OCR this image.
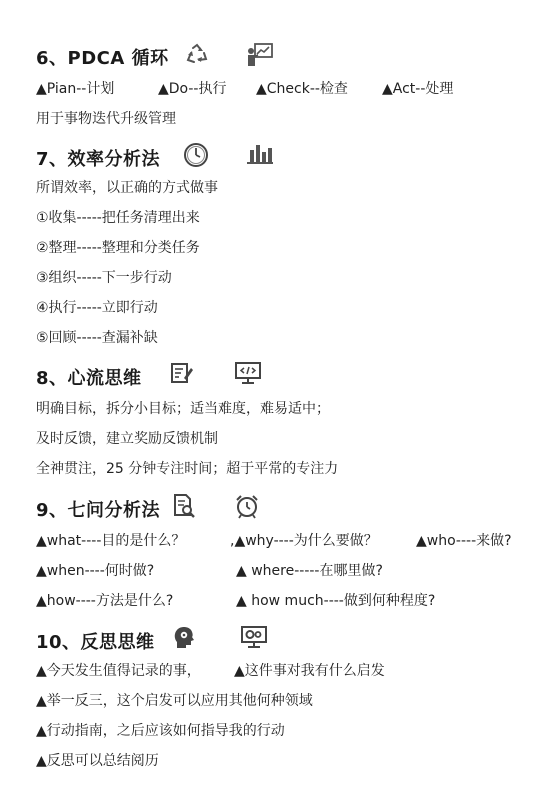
6、PDCA 循环
▲Pian--计划	▲Do--执行 ▲Check--检查 ▲Act--处理
用于事物迭代升级管理
7、效率分析法
所谓效率，以正确的方式做事
①收集-----把任务清理出来
②整理-----整理和分类任务
③组织-----下一步行动
④执行-----立即行动
⑤回顾-----查漏补缺
8、心流思维
明确目标，拆分小目标；适当难度，难易适中；
及时反馈，建立奖励反馈机制
全神贯注，25 分钟专注时间；超于平常的专注力
9、七问分析法
▲what----目的是什么？	,▲why----为什么要做？	▲who----来做?
▲when----何时做?	▲ where-----在哪里做?
▲how----方法是什么?	▲ how much----做到何种程度?
10、反思思维
▲今天发生值得记录的事， ▲这件事对我有什么启发
▲举一反三，这个启发可以应用其他何种领域
▲行动指南，之后应该如何指导我的行动
▲反思可以总结阅历
